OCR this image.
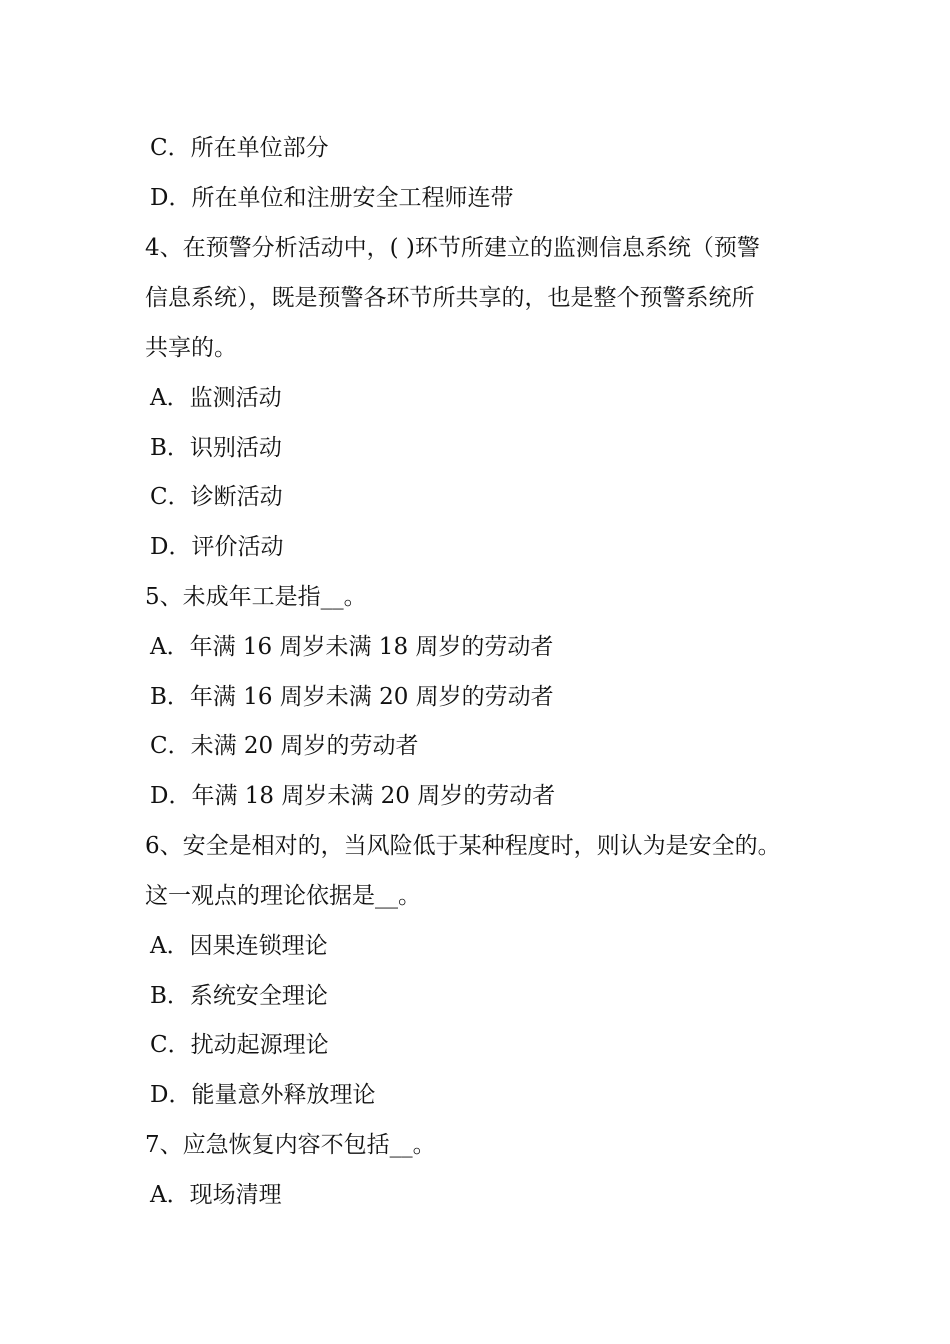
C．所在单位部分
D．所在单位和注册安全工程师连带
4、在预警分析活动中，( )环节所建立的监测信息系统（预警
信息系统），既是预警各环节所共享的，也是整个预警系统所
共享的。
A．监测活动
B．识别活动
C．诊断活动
D．评价活动
5、未成年工是指__。
A．年满 16 周岁未满 18 周岁的劳动者
B．年满 16 周岁未满 20 周岁的劳动者
C．未满 20 周岁的劳动者
D．年满 18 周岁未满 20 周岁的劳动者
6、安全是相对的，当风险低于某种程度时，则认为是安全的。
这一观点的理论依据是__。
A．因果连锁理论
B．系统安全理论
C．扰动起源理论
D．能量意外释放理论
7、应急恢复内容不包括__。
A．现场清理
